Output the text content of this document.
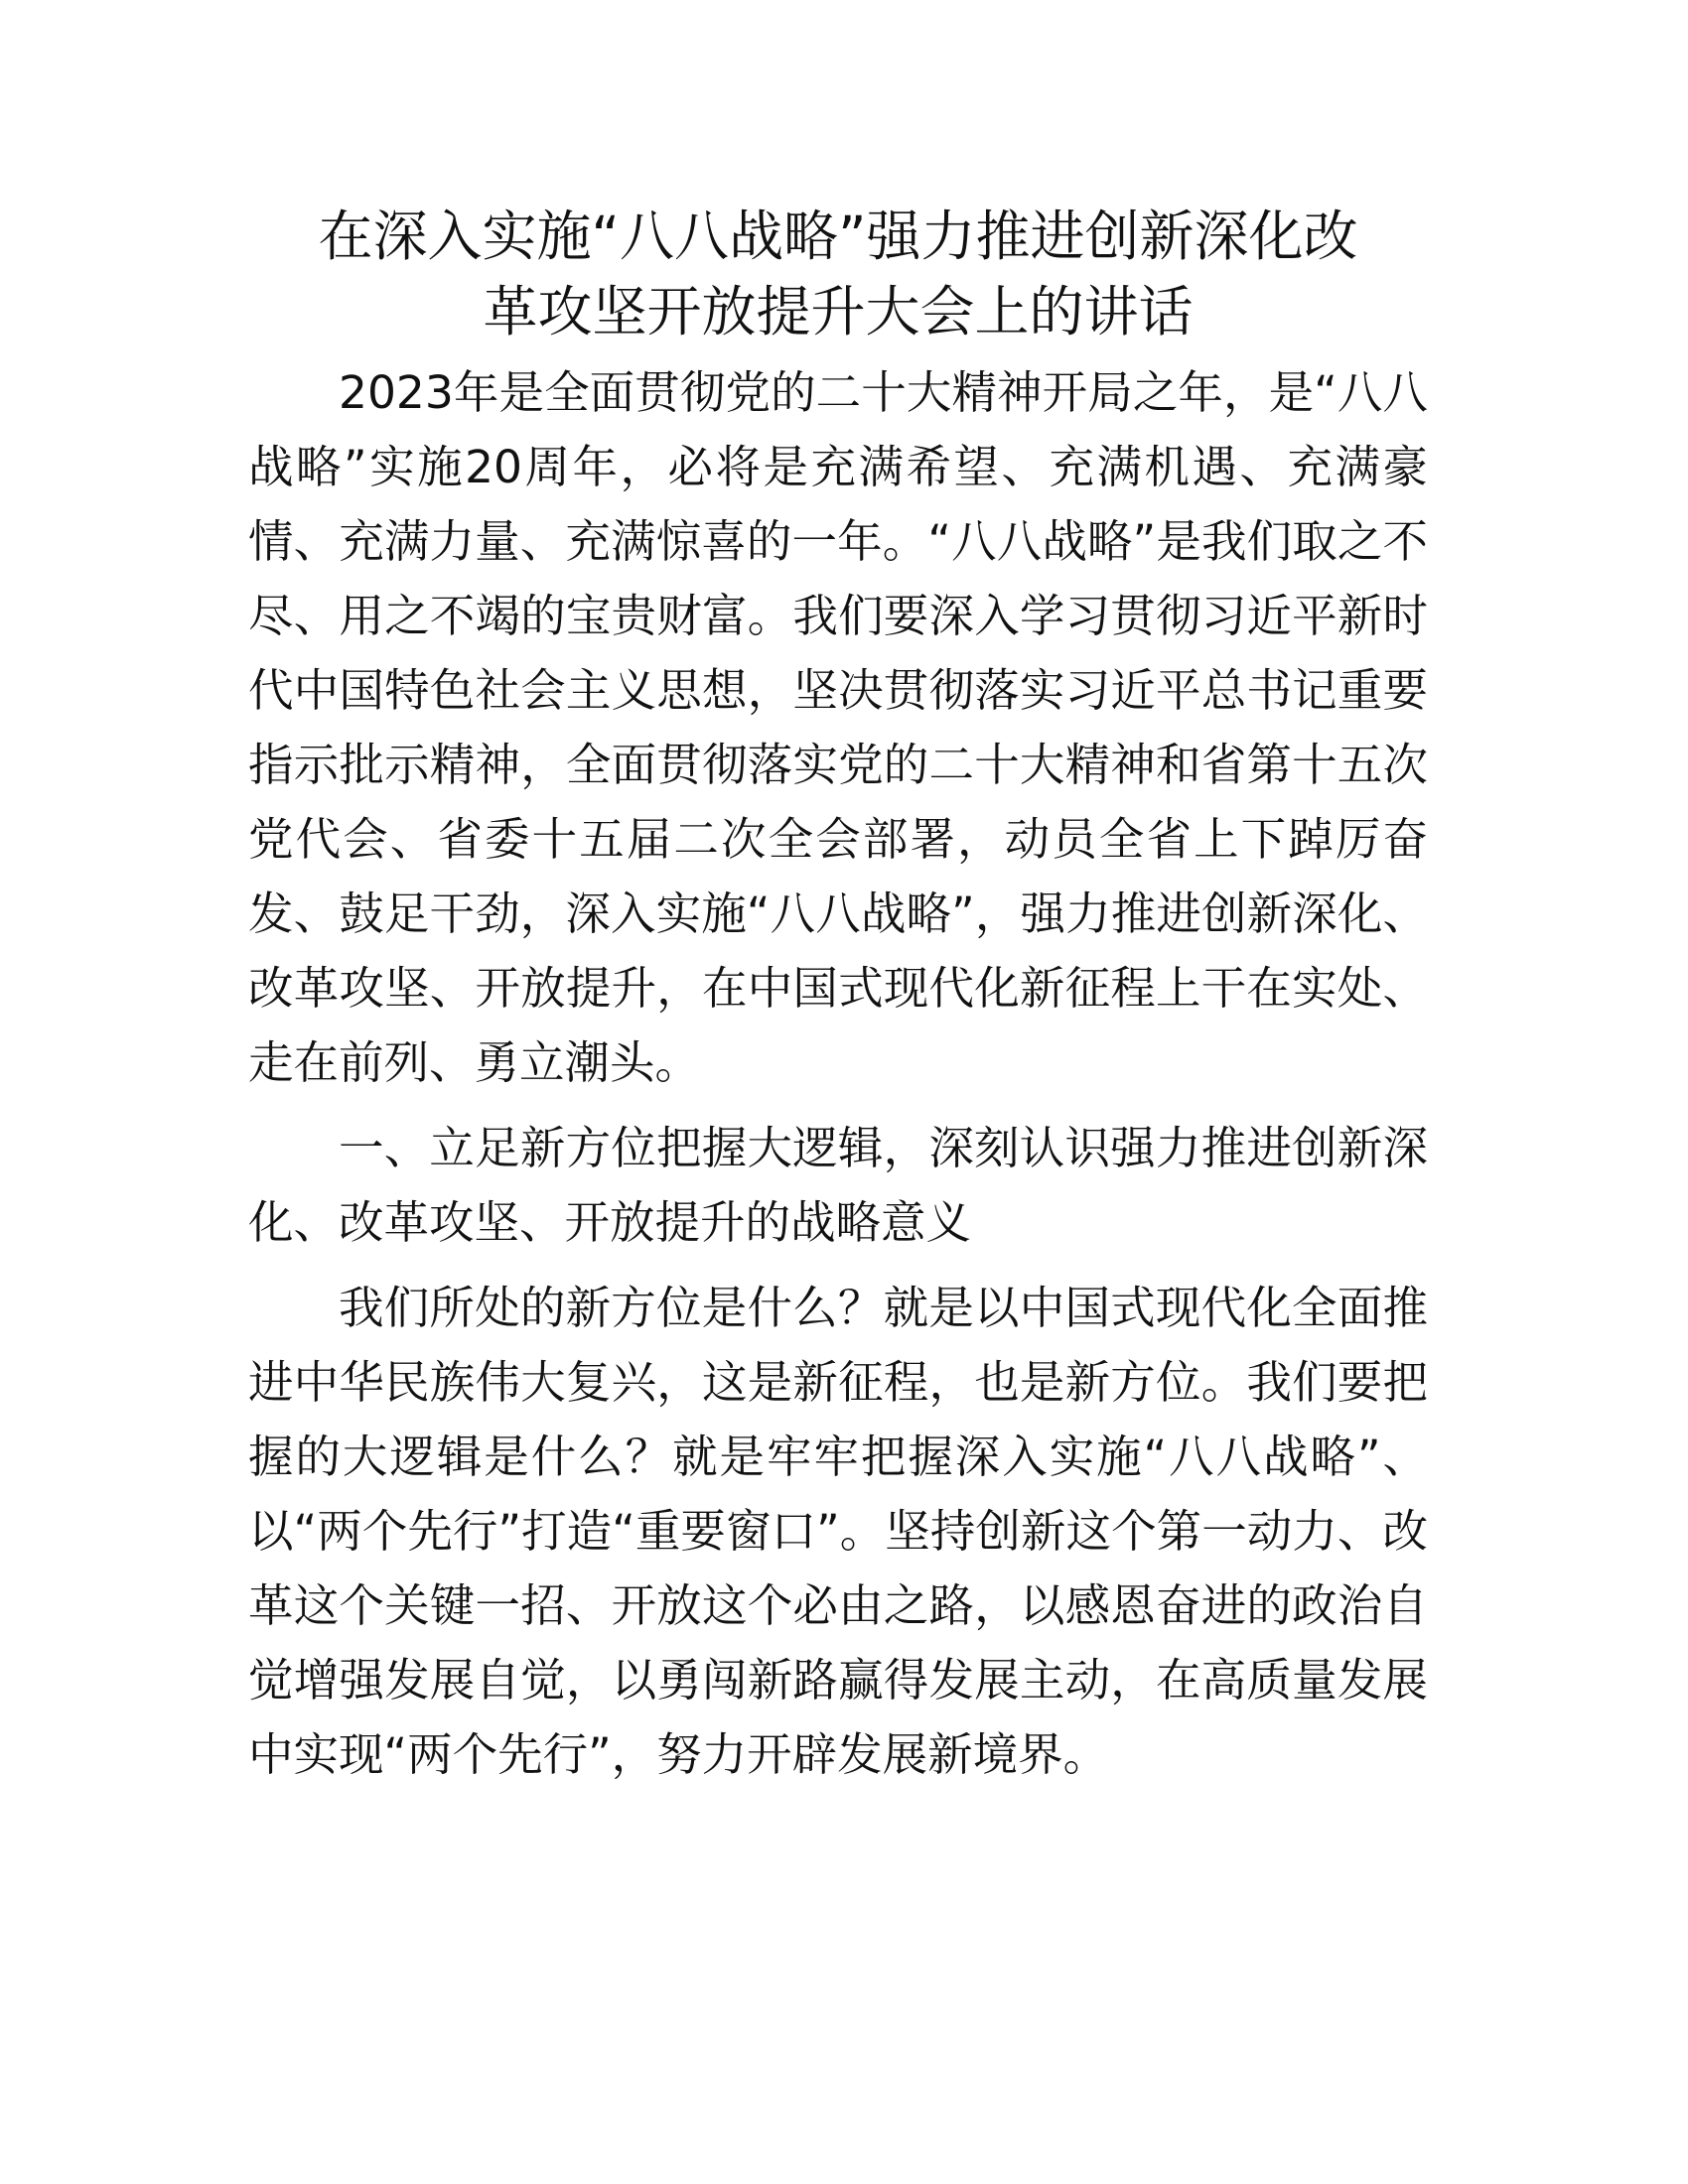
在深入实施“八八战略”强力推进创新深化改
革攻坚开放提升大会上的讲话

2023年是全面贯彻党的二十大精神开局之年，是“八八战略”实施20周年，必将是充满希望、充满机遇、充满豪情、充满力量、充满惊喜的一年。“八八战略”是我们取之不尽、用之不竭的宝贵财富。我们要深入学习贯彻习近平新时代中国特色社会主义思想，坚决贯彻落实习近平总书记重要指示批示精神，全面贯彻落实党的二十大精神和省第十五次党代会、省委十五届二次全会部署，动员全省上下踔厉奋发、鼓足干劲，深入实施“八八战略”，强力推进创新深化、改革攻坚、开放提升，在中国式现代化新征程上干在实处、走在前列、勇立潮头。

一、立足新方位把握大逻辑，深刻认识强力推进创新深化、改革攻坚、开放提升的战略意义

我们所处的新方位是什么？就是以中国式现代化全面推进中华民族伟大复兴，这是新征程，也是新方位。我们要把握的大逻辑是什么？就是牢牢把握深入实施“八八战略”、以“两个先行”打造“重要窗口”。坚持创新这个第一动力、改革这个关键一招、开放这个必由之路，以感恩奋进的政治自觉增强发展自觉，以勇闯新路赢得发展主动，在高质量发展中实现“两个先行”，努力开辟发展新境界。
